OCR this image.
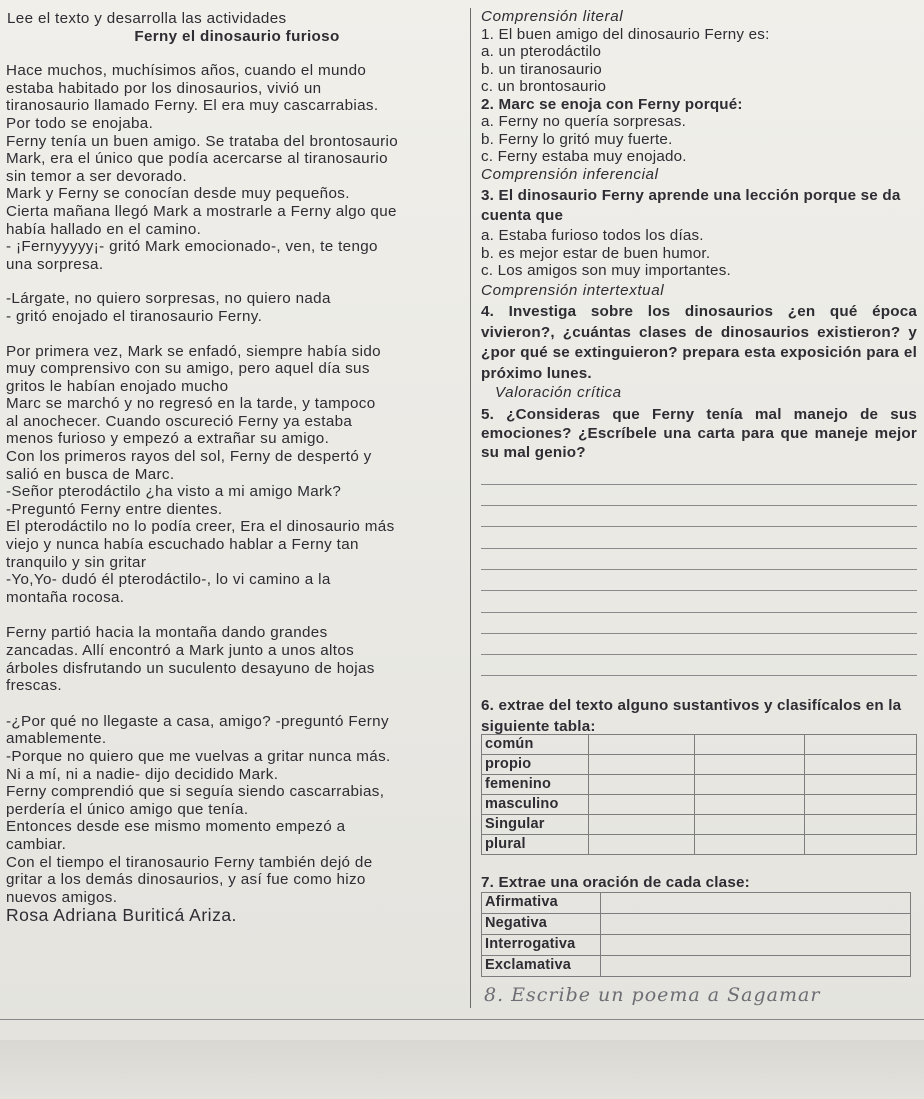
Lee el texto y desarrolla las actividades

Ferny el dinosaurio furioso

Hace muchos, muchísimos años, cuando el mundo

estaba habitado por los dinosaurios, vivió un

tiranosaurio llamado Ferny. El era muy cascarrabias.

Por todo se enojaba.

Ferny tenía un buen amigo. Se trataba del brontosaurio

Mark, era el único que podía acercarse al tiranosaurio

sin temor a ser devorado.

Mark y Ferny se conocían desde muy pequeños.

Cierta mañana llegó Mark a mostrarle a Ferny algo que

había hallado en el camino.

- ¡Fernyyyyy¡- gritó Mark emocionado-, ven, te tengo

una sorpresa.

-Lárgate, no quiero sorpresas, no quiero nada

- gritó enojado el tiranosaurio Ferny.

Por primera vez, Mark se enfadó, siempre había sido

muy comprensivo con su amigo, pero aquel día sus

gritos le habían enojado mucho

Marc se marchó y no regresó en la tarde, y tampoco

al anochecer. Cuando oscureció Ferny ya estaba

menos furioso y empezó a extrañar su amigo.

Con los primeros rayos del sol, Ferny de despertó y

salió en busca de Marc.

-Señor pterodáctilo ¿ha visto a mi amigo Mark?

-Preguntó Ferny entre dientes.

El pterodáctilo no lo podía creer, Era el dinosaurio más

viejo y nunca había escuchado hablar a Ferny tan

tranquilo y sin gritar

-Yo,Yo- dudó él pterodáctilo-, lo vi camino a la

montaña rocosa.

Ferny partió hacia la montaña dando grandes

zancadas. Allí encontró a Mark junto a unos altos

árboles disfrutando un suculento desayuno de hojas

frescas.

-¿Por qué no llegaste a casa, amigo? -preguntó Ferny

amablemente.

-Porque no quiero que me vuelvas a gritar nunca más.

Ni a mí, ni a nadie- dijo decidido Mark.

Ferny comprendió que si seguía siendo cascarrabias,

perdería el único amigo que tenía.

Entonces desde ese mismo momento empezó a

cambiar.

Con el tiempo el tiranosaurio Ferny también dejó de

gritar a los demás dinosaurios, y así fue como hizo

nuevos amigos.

Rosa Adriana Buriticá Ariza.

Comprensión literal

1. El buen amigo del dinosaurio Ferny es:

a. un pterodáctilo

b. un tiranosaurio

c. un brontosaurio

2. Marc se enoja con Ferny porqué:

a. Ferny no quería sorpresas.

b. Ferny lo gritó muy fuerte.

c. Ferny estaba muy enojado.

Comprensión inferencial

3. El dinosaurio Ferny aprende una lección porque se da cuenta que

a. Estaba furioso todos los días.

b. es mejor estar de buen humor.

c. Los amigos son muy importantes.

Comprensión intertextual

4. Investiga sobre los dinosaurios ¿en qué época vivieron?, ¿cuántas clases de dinosaurios existieron? y ¿por qué se extinguieron? prepara esta exposición para el próximo lunes.

Valoración crítica

5. ¿Consideras que Ferny tenía mal manejo de sus emociones? ¿Escríbele una carta para que maneje mejor su mal genio?

6. extrae del texto alguno sustantivos y clasifícalos en la siguiente tabla:

común			
propio			
femenino			
masculino			
Singular			
plural			

7. Extrae una oración de cada clase:

Afirmativa	
Negativa	
Interrogativa	
Exclamativa	

8. Escribe un poema a Sagamar
